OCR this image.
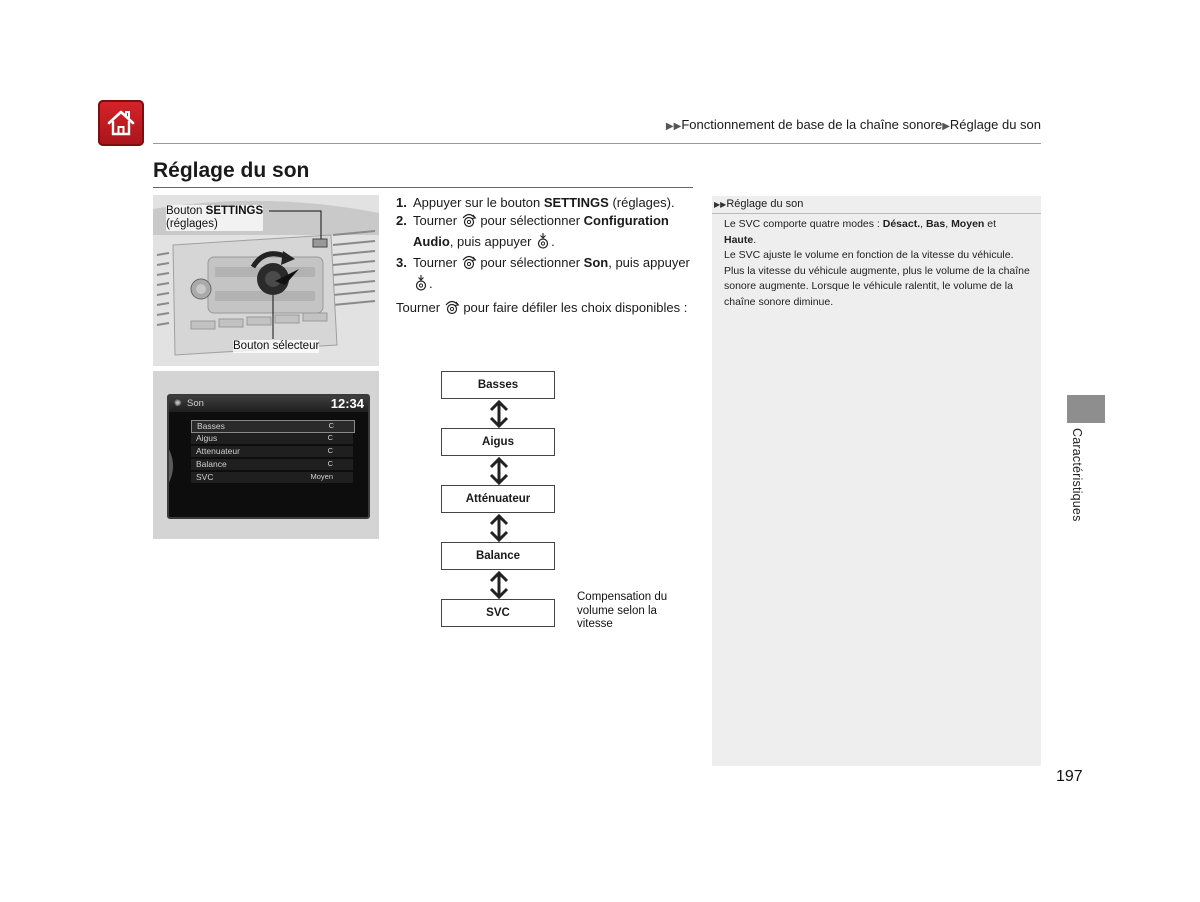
▶▶Fonctionnement de base de la chaîne sonore▶Réglage du son
Réglage du son
Bouton SETTINGS
(réglages)
Bouton sélecteur
✺ Son	12:34
Basses	C
Aigus	C
Attenuateur	C
Balance	C
SVC	Moyen
1. Appuyer sur le bouton SETTINGS (réglages).
2. Tourner  pour sélectionner Configuration Audio, puis appuyer .
3. Tourner  pour sélectionner Son, puis appuyer
.
Tourner  pour faire défiler les choix disponibles :
Basses
Aigus
Atténuateur
Balance
SVC
Compensation du
volume selon la
vitesse
▶▶Réglage du son

Le SVC comporte quatre modes : Désact., Bas, Moyen et Haute.

Le SVC ajuste le volume en fonction de la vitesse du véhicule. Plus la vitesse du véhicule augmente, plus le volume de la chaîne sonore augmente. Lorsque le véhicule ralentit, le volume de la chaîne sonore diminue.

Caractéristiques
197
